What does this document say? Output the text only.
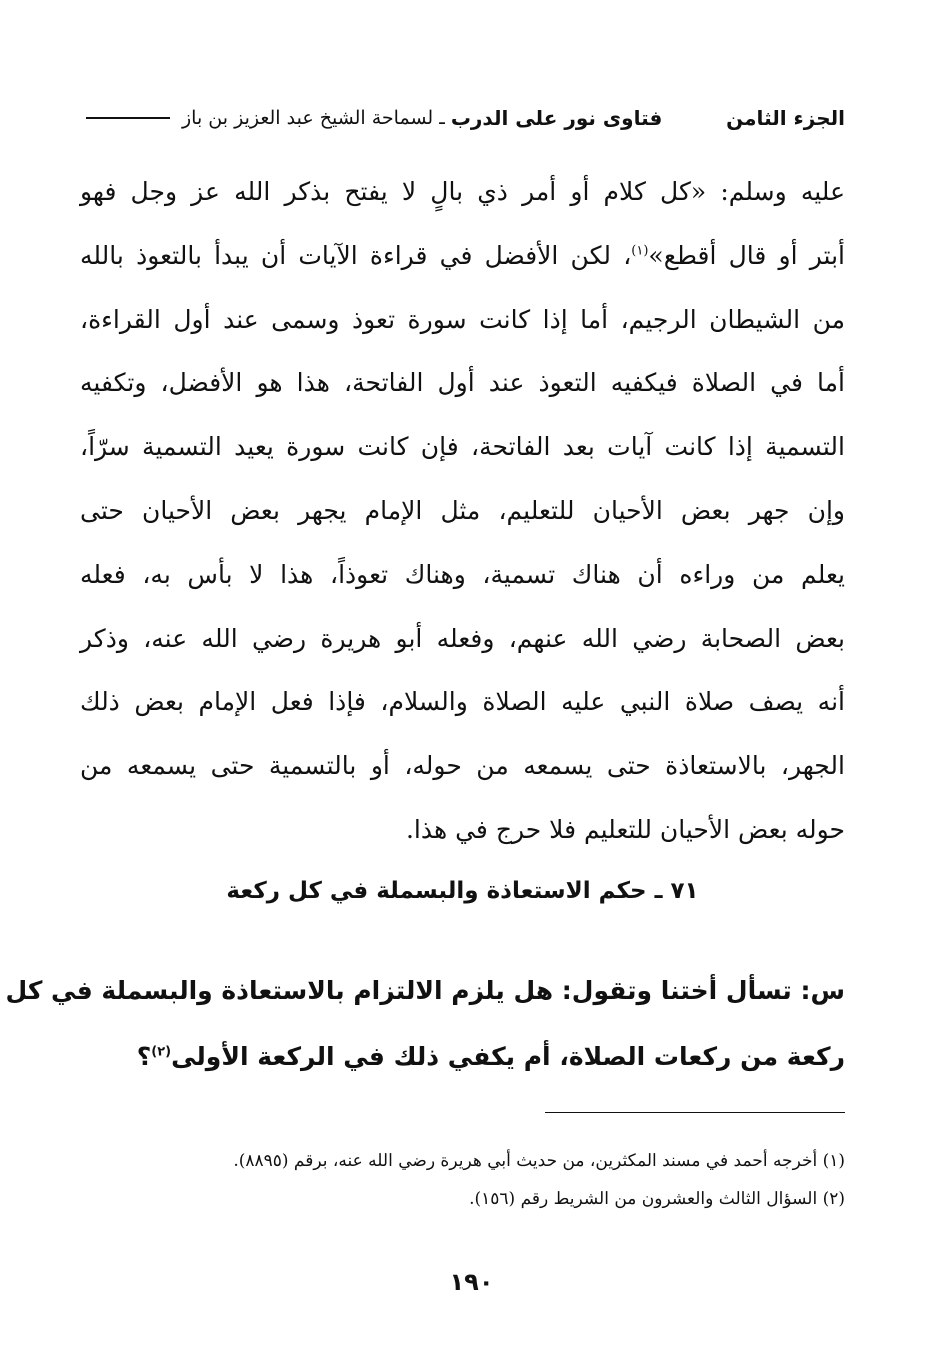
فتاوى نور على الدرب
ـ لسماحة الشيخ عبد العزيز بن باز	الجزء الثامن
عليه وسلم: «كل كلام أو أمر ذي بالٍ لا يفتح بذكر الله عز وجل فهو
أبتر أو قال أقطع»$^{(١)}$، لكن الأفضل في قراءة الآيات أن يبدأ بالتعوذ بالله
من الشيطان الرجيم، أما إذا كانت سورة تعوذ وسمى عند أول القراءة،
أما في الصلاة فيكفيه التعوذ عند أول الفاتحة، هذا هو الأفضل، وتكفيه
التسمية إذا كانت آيات بعد الفاتحة، فإن كانت سورة يعيد التسمية سرّاً،
وإن جهر بعض الأحيان للتعليم، مثل الإمام يجهر بعض الأحيان حتى
يعلم من وراءه أن هناك تسمية، وهناك تعوذاً، هذا لا بأس به، فعله
بعض الصحابة رضي الله عنهم، وفعله أبو هريرة رضي الله عنه، وذكر
أنه يصف صلاة النبي عليه الصلاة والسلام، فإذا فعل الإمام بعض ذلك
الجهر، بالاستعاذة حتى يسمعه من حوله، أو بالتسمية حتى يسمعه من
حوله بعض الأحيان للتعليم فلا حرج في هذا.
٧١ ـ حكم الاستعاذة والبسملة في كل ركعة
س: تسأل أختنا وتقول: هل يلزم الالتزام بالاستعاذة والبسملة في كل
ركعة من ركعات الصلاة، أم يكفي ذلك في الركعة الأولى$^{(٢)}$؟
(١) أخرجه أحمد في مسند المكثرين، من حديث أبي هريرة رضي الله عنه، برقم (٨٨٩٥).
(٢) السؤال الثالث والعشرون من الشريط رقم (١٥٦).
١٩٠
